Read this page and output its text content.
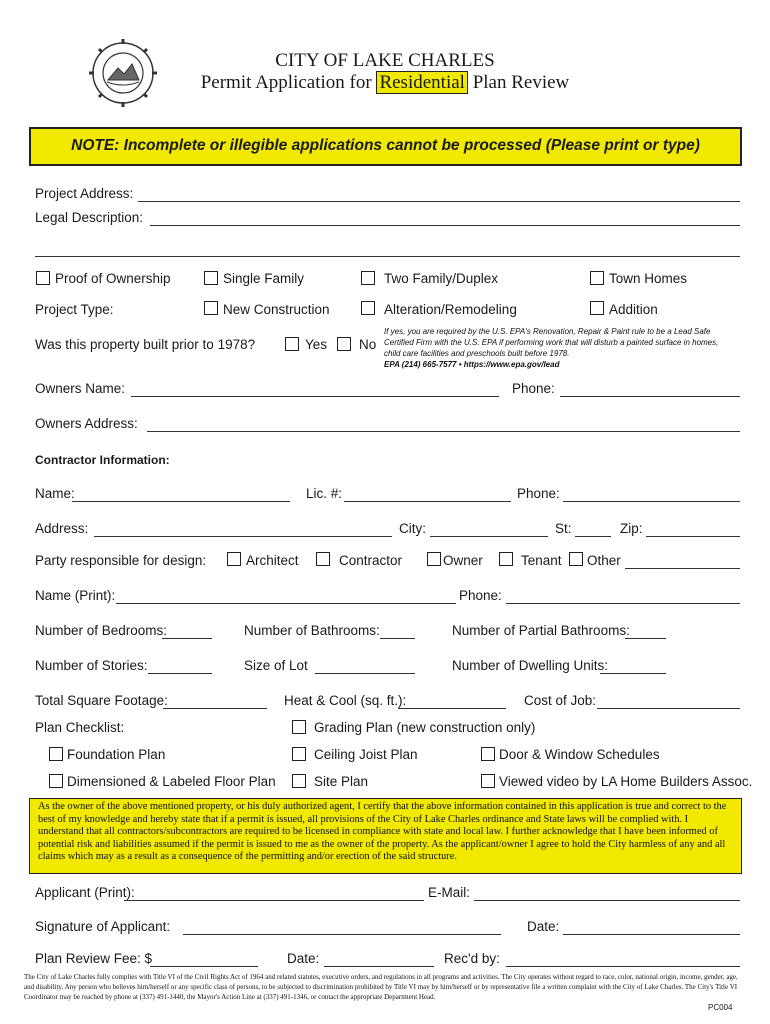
CITY OF LAKE CHARLES
Permit Application for Residential Plan Review
NOTE: Incomplete or illegible applications cannot be processed (Please print or type)
Project Address:
Legal Description:
Proof of Ownership	Single Family	Two Family/Duplex	Town Homes
Project Type:	New Construction	Alteration/Remodeling	Addition
Was this property built prior to 1978?	Yes No
If yes, you are required by the U.S. EPA's Renovation, Repair & Paint rule to be a Lead Safe
Certified Firm with the U.S. EPA if performing work that will disturb a painted surface in homes,
child care facilities and preschools built before 1978.
EPA (214) 665-7577 • https://www.epa.gov/lead
Owners Name:	Phone:
Owners Address:
Contractor Information:
Name:	Lic. #:	Phone:
Address:	City:	St:	Zip:
Party responsible for design:	Architect	Contractor	Owner	Tenant Other
Name (Print):	Phone:
Number of Bedrooms:	Number of Bathrooms:	Number of Partial Bathrooms:
Number of Stories:	Size of Lot	Number of Dwelling Units:
Total Square Footage:	Heat & Cool (sq. ft.):	Cost of Job:
Plan Checklist:	Grading Plan (new construction only)
Foundation Plan	Ceiling Joist Plan	Door & Window Schedules
Dimensioned & Labeled Floor Plan	Site Plan	Viewed video by LA Home Builders Assoc.
As the owner of the above mentioned property, or his duly authorized agent, I certify that the above information contained in this application is true and correct to the best of my knowledge and hereby state that if a permit is issued, all provisions of the City of Lake Charles ordinance and State laws will be complied with. I understand that all contractors/subcontractors are required to be licensed in compliance with state and local law. I further acknowledge that I have been informed of potential risk and liabilities assumed if the permit is issued to me as the owner of the property. As the applicant/owner I agree to hold the City harmless of any and all claims which may as a result as a consequence of the permitting and/or erection of the said structure.
Applicant (Print):	E-Mail:
Signature of Applicant:	Date:
Plan Review Fee: $	Date:	Rec'd by:
The City of Lake Charles fully complies with Title VI of the Civil Rights Act of 1964 and related statutes, executive orders, and regulations in all programs and activities. The City operates without regard to race, color, national origin, income, gender, age, and disability. Any person who believes him/herself or any specific class of persons, to be subjected to discrimination prohibited by Title VI may by him/herself or by representative file a written complaint with the City of Lake Charles. The City's Title VI Coordinator may be reached by phone at (337) 491-1440, the Mayor's Action Line at (337) 491-1346, or contact the appropriate Department Head.
PC004
